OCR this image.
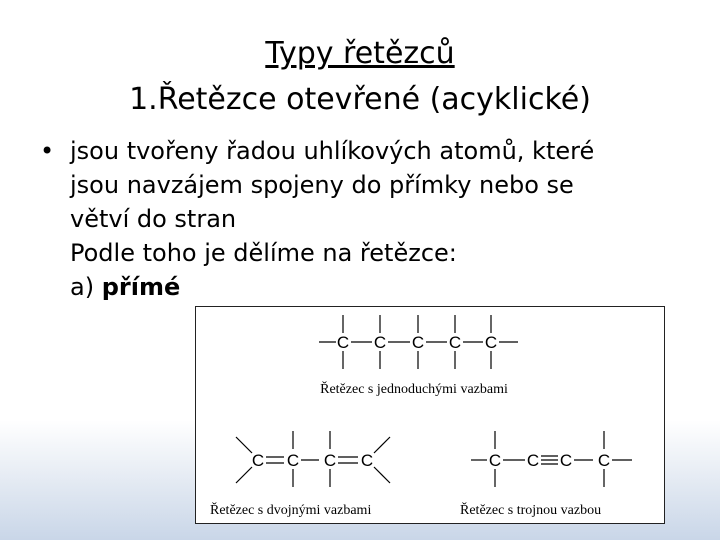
Typy řetězců
1.Řetězce otevřené (acyklické)
• jsou tvořeny řadou uhlíkových atomů, které
jsou navzájem spojeny do přímky nebo se
větví do stran
Podle toho je dělíme na řetězce:
a) přímé
C C C C C
C C C C	C C C C
Řetězec s jednoduchými vazbami
Řetězec s dvojnými vazbami	Řetězec s trojnou vazbou
